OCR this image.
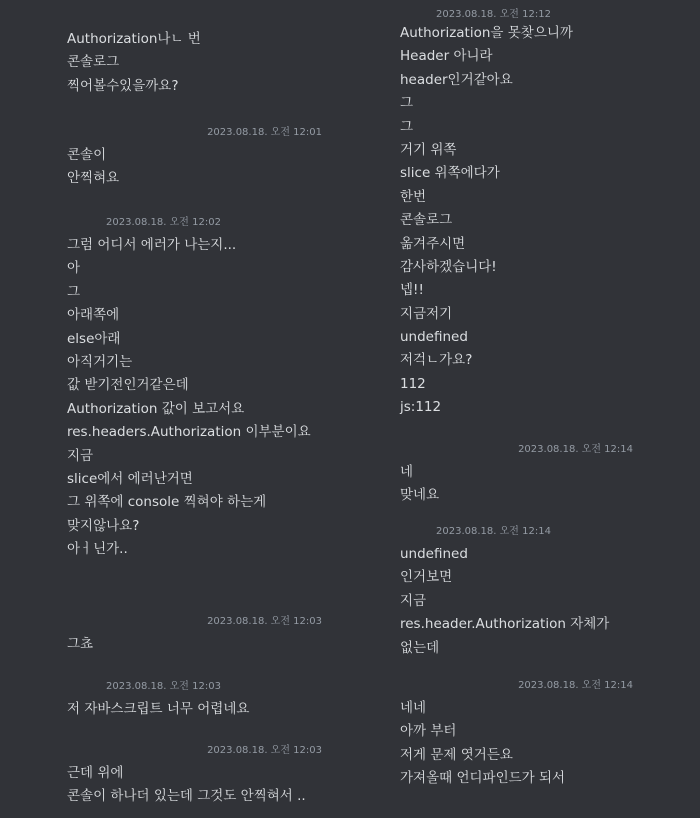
Authorization나ㄴ 번
콘솔로그
찍어볼수있을까요?
2023.08.18. 오전 12:01
콘솔이
안찍혀요
2023.08.18. 오전 12:02
그럼 어디서 에러가 나는지...
아
그
아래쪽에
else아래
아직거기는
값 받기전인거같은데
Authorization 값이 보고서요
res.headers.Authorization 이부분이요
지금
slice에서 에러난거면
그 위쪽에 console 찍혀야 하는게
맞지않나요?
아ㅓ닌가..
2023.08.18. 오전 12:03
그쵸
2023.08.18. 오전 12:03
저 자바스크립트 너무 어렵네요
2023.08.18. 오전 12:03
근데 위에
콘솔이 하나더 있는데 그것도 안찍혀서 ..
2023.08.18. 오전 12:12
Authorization을 못찾으니까
Header 아니라
header인거같아요
그
그
거기 위쪽
slice 위쪽에다가
한번
콘솔로그
옮겨주시면
감사하겠습니다!
넵!!
지금저기
undefined
저걱ㄴ가요?
112
js:112
2023.08.18. 오전 12:14
네
맞네요
2023.08.18. 오전 12:14
undefined
인거보면
지금
res.header.Authorization 자체가
없는데
2023.08.18. 오전 12:14
네네
아까 부터
저게 문제 엿거든요
가져올때 언디파인드가 되서
